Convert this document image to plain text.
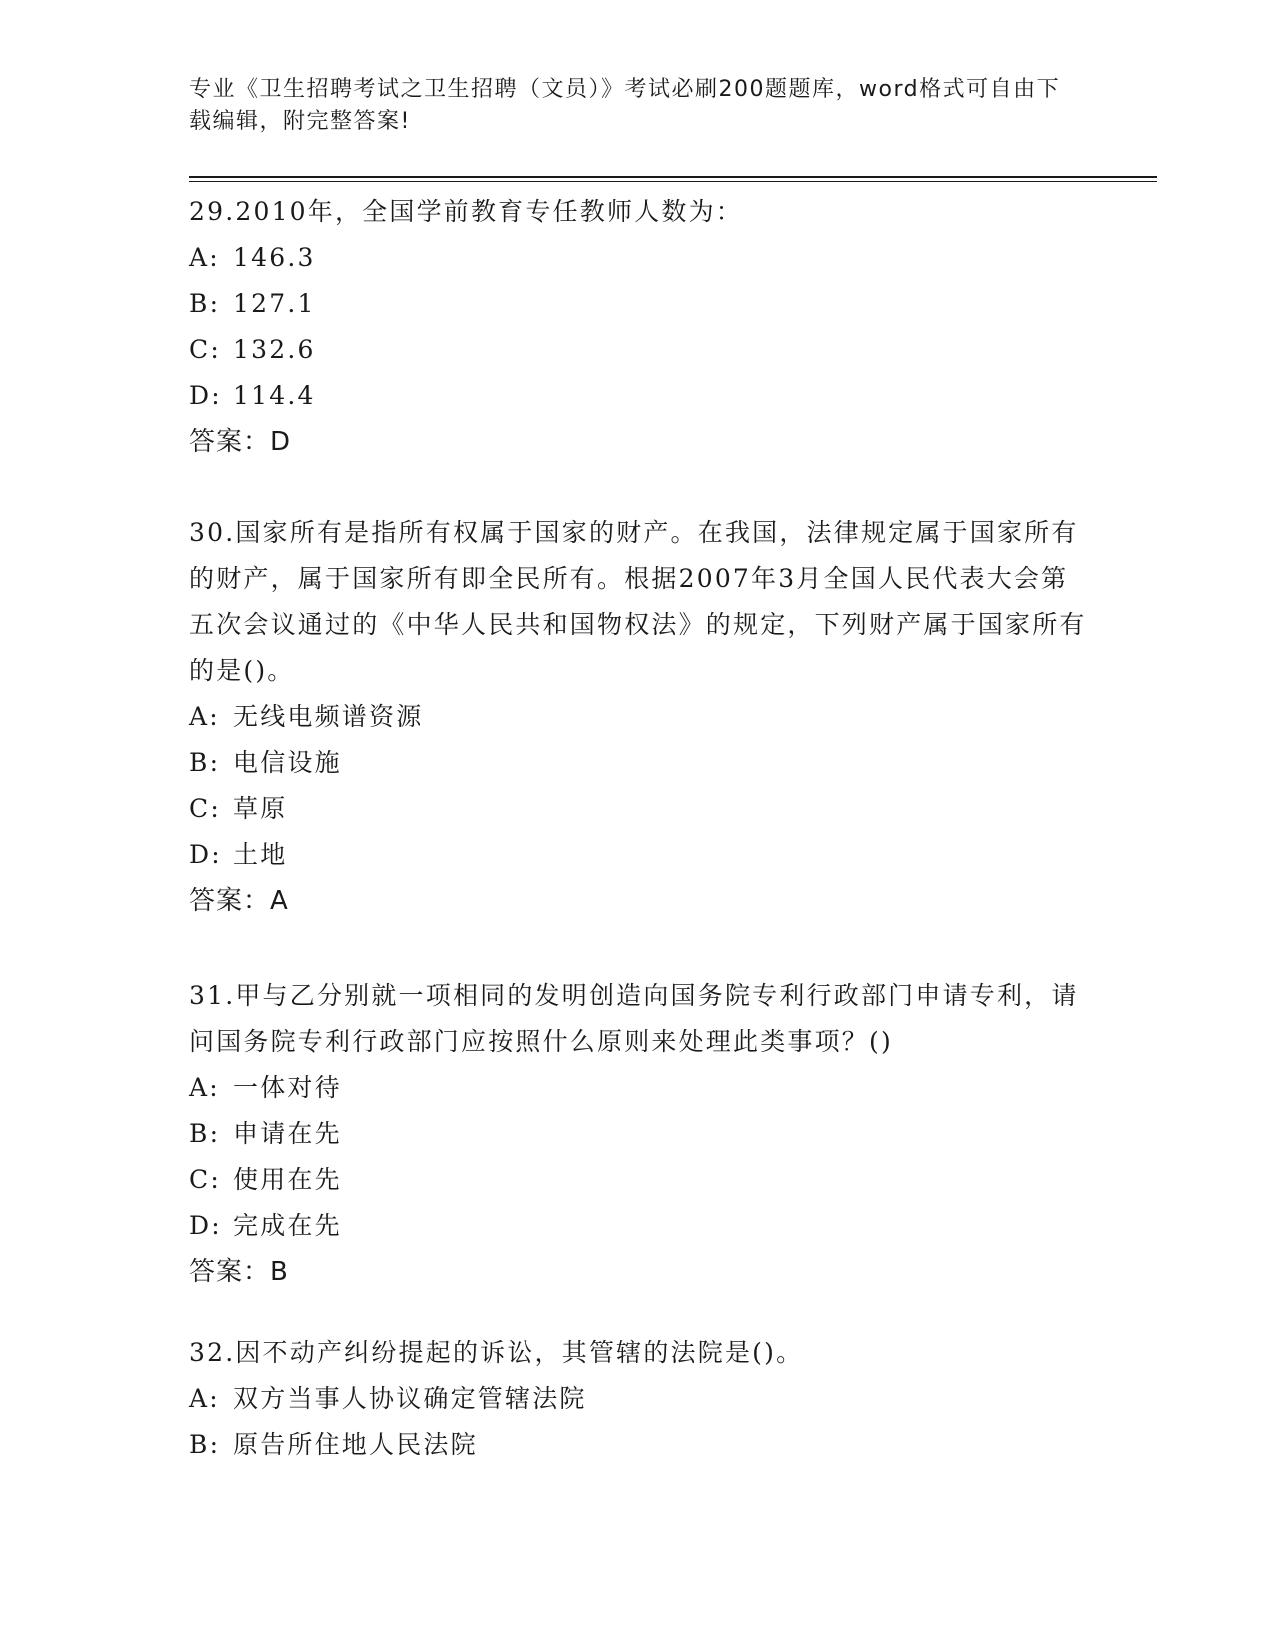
专业《卫生招聘考试之卫生招聘（文员）》考试必刷200题题库，word格式可自由下载编辑，附完整答案!

29.2010年，全国学前教育专任教师人数为：

A: 146.3

B: 127.1

C: 132.6

D: 114.4

答案：D

30.国家所有是指所有权属于国家的财产。在我国，法律规定属于国家所有的财产，属于国家所有即全民所有。根据2007年3月全国人民代表大会第五次会议通过的《中华人民共和国物权法》的规定，下列财产属于国家所有的是()。

A: 无线电频谱资源

B: 电信设施

C: 草原

D: 土地

答案：A

31.甲与乙分别就一项相同的发明创造向国务院专利行政部门申请专利，请问国务院专利行政部门应按照什么原则来处理此类事项？()

A: 一体对待

B: 申请在先

C: 使用在先

D: 完成在先

答案：B

32.因不动产纠纷提起的诉讼，其管辖的法院是()。

A: 双方当事人协议确定管辖法院

B: 原告所住地人民法院
